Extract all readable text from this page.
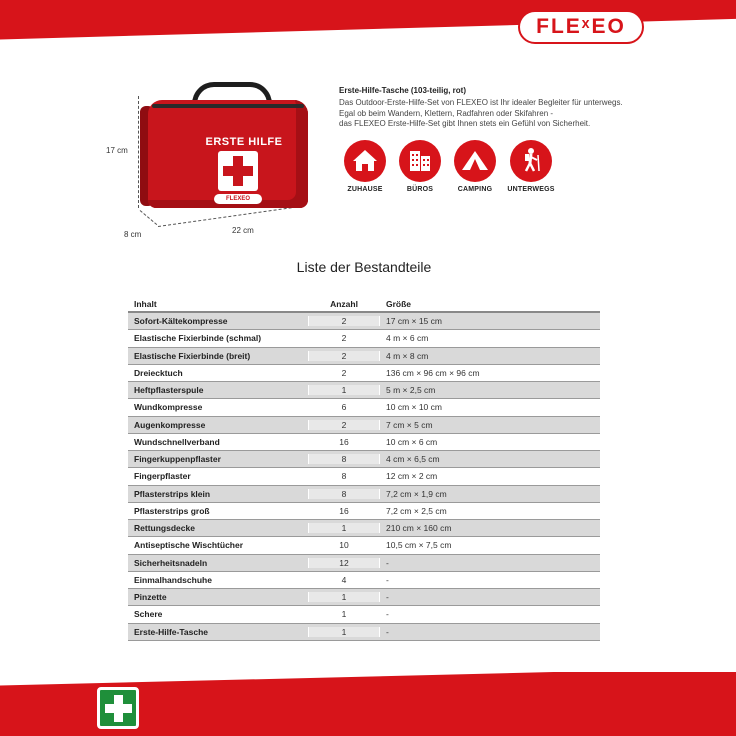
FLEˣEO
17 cm
22 cm
8 cm
ERSTE HILFE
FLEXEO
Erste-Hilfe-Tasche (103-teilig, rot)
Das Outdoor-Erste-Hilfe-Set von FLEXEO ist Ihr idealer Begleiter für unterwegs.
Egal ob beim Wandern, Klettern, Radfahren oder Skifahren -
das FLEXEO Erste-Hilfe-Set gibt Ihnen stets ein Gefühl von Sicherheit.
ZUHAUSE	BÜROS	CAMPING	UNTERWEGS
Liste der Bestandteile
Inhalt	Anzahl	Größe
Sofort-Kältekompresse	2	17 cm × 15 cm
Elastische Fixierbinde (schmal)	2	4 m × 6 cm
Elastische Fixierbinde (breit)	2	4 m × 8 cm
Dreiecktuch	2	136 cm × 96 cm × 96 cm
Heftpflasterspule	1	5 m × 2,5 cm
Wundkompresse	6	10 cm × 10 cm
Augenkompresse	2	7 cm × 5 cm
Wundschnellverband	16	10 cm × 6 cm
Fingerkuppenpflaster	8	4 cm × 6,5 cm
Fingerpflaster	8	12 cm × 2 cm
Pflasterstrips klein	8	7,2 cm × 1,9 cm
Pflasterstrips groß	16	7,2 cm × 2,5 cm
Rettungsdecke	1	210 cm × 160 cm
Antiseptische Wischtücher	10	10,5 cm × 7,5 cm
Sicherheitsnadeln	12	-
Einmalhandschuhe	4	-
Pinzette	1	-
Schere	1	-
Erste-Hilfe-Tasche	1	-
